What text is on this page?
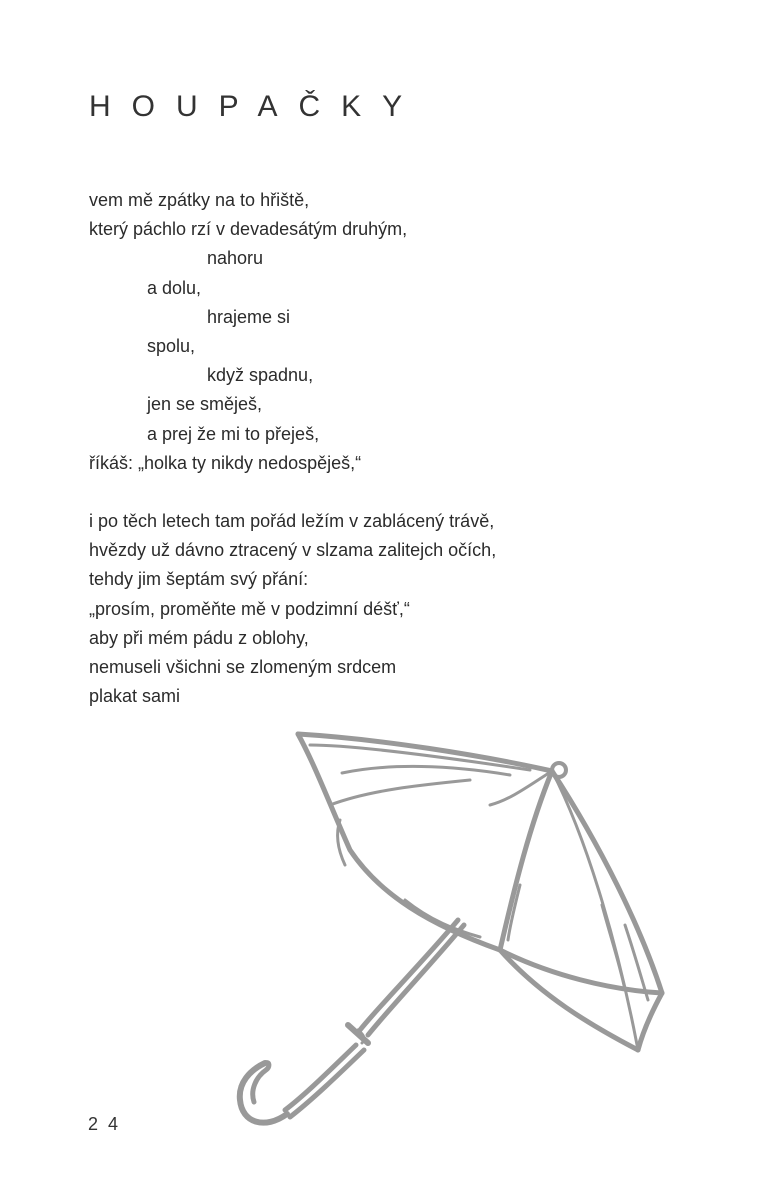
HOUPAČKY
vem mě zpátky na to hřiště,
který páchlo rzí v devadesátým druhým,
nahoru
a dolu,
hrajeme si
spolu,
když spadnu,
jen se směješ,
a prej že mi to přeješ,
říkáš: „holka ty nikdy nedospěješ,“
i po těch letech tam pořád ležím v zablácený trávě,
hvězdy už dávno ztracený v slzama zalitejch očích,
tehdy jim šeptám svý přání:
„prosím, proměňte mě v podzimní déšť,“
aby při mém pádu z oblohy,
nemuseli všichni se zlomeným srdcem
plakat sami
24
